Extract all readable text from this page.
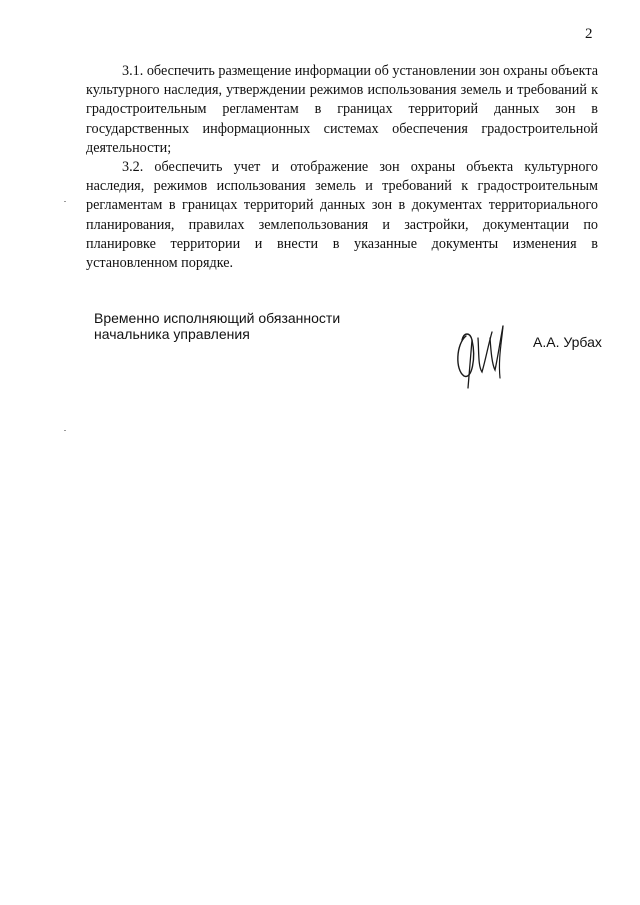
2

3.1. обеспечить размещение информации об установлении зон охраны объекта культурного наследия, утверждении режимов использования земель и требований к градостроительным регламентам в границах территорий данных зон в государственных информационных системах обеспечения градостроительной деятельности;

3.2. обеспечить учет и отображение зон охраны объекта культурного наследия, режимов использования земель и требований к градостроительным регламентам в границах территорий данных зон в документах территориального планирования, правилах землепользования и застройки, документации по планировке территории и внести в указанные документы изменения в установленном порядке.

Временно исполняющий обязанности
начальника управления	А.А. Урбах
